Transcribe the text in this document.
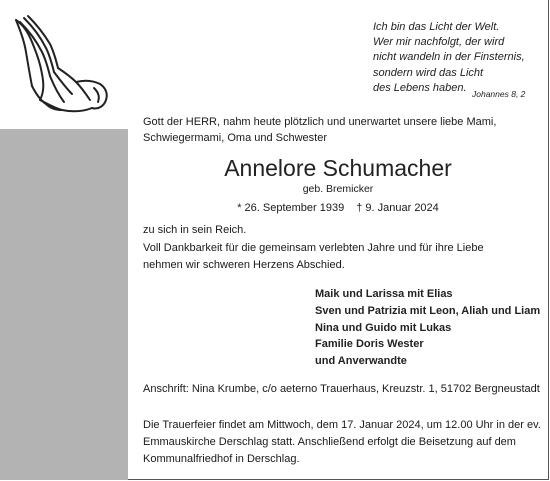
Ich bin das Licht der Welt.
Wer mir nachfolgt, der wird
nicht wandeln in der Finsternis,
sondern wird das Licht
des Lebens haben.
Johannes 8, 2
Gott der HERR, nahm heute plötzlich und unerwartet unsere liebe Mami,
Schwiegermami, Oma und Schwester
Annelore Schumacher
geb. Bremicker
* 26. September 1939 † 9. Januar 2024
zu sich in sein Reich.
Voll Dankbarkeit für die gemeinsam verlebten Jahre und für ihre Liebe
nehmen wir schweren Herzens Abschied.
Maik und Larissa mit Elias
Sven und Patrizia mit Leon, Aliah und Liam
Nina und Guido mit Lukas
Familie Doris Wester
und Anverwandte
Anschrift: Nina Krumbe, c/o aeterno Trauerhaus, Kreuzstr. 1, 51702 Bergneustadt
Die Trauerfeier findet am Mittwoch, dem 17. Januar 2024, um 12.00 Uhr in der ev.
Emmauskirche Derschlag statt. Anschließend erfolgt die Beisetzung auf dem
Kommunalfriedhof in Derschlag.
